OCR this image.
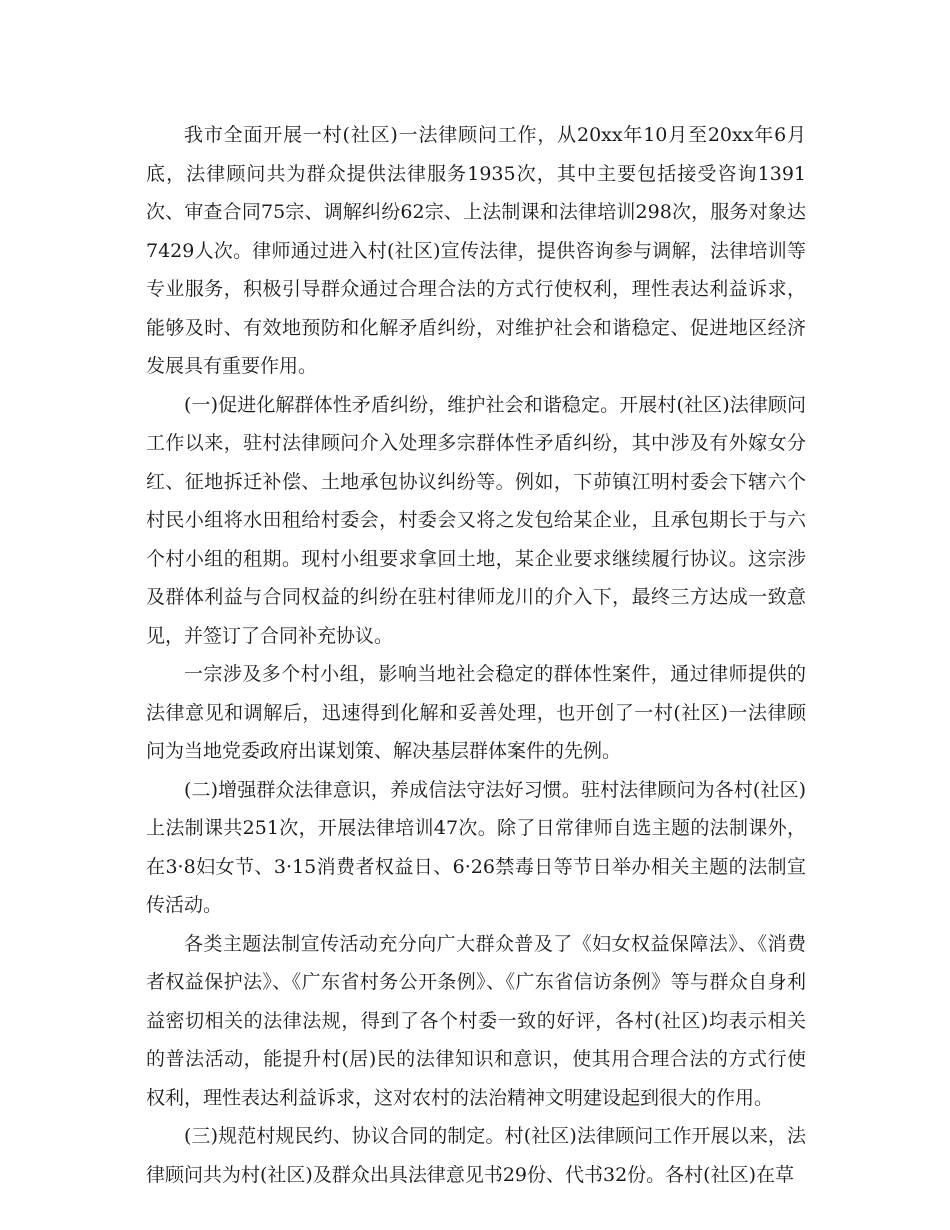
我市全面开展一村(社区)一法律顾问工作，从20xx年10月至20xx年6月底，法律顾问共为群众提供法律服务1935次，其中主要包括接受咨询1391次、审查合同75宗、调解纠纷62宗、上法制课和法律培训298次，服务对象达7429人次。律师通过进入村(社区)宣传法律，提供咨询参与调解，法律培训等专业服务，积极引导群众通过合理合法的方式行使权利，理性表达利益诉求，能够及时、有效地预防和化解矛盾纠纷，对维护社会和谐稳定、促进地区经济发展具有重要作用。

(一)促进化解群体性矛盾纠纷，维护社会和谐稳定。开展村(社区)法律顾问工作以来，驻村法律顾问介入处理多宗群体性矛盾纠纷，其中涉及有外嫁女分红、征地拆迁补偿、土地承包协议纠纷等。例如，下茆镇江明村委会下辖六个村民小组将水田租给村委会，村委会又将之发包给某企业，且承包期长于与六个村小组的租期。现村小组要求拿回土地，某企业要求继续履行协议。这宗涉及群体利益与合同权益的纠纷在驻村律师龙川的介入下，最终三方达成一致意见，并签订了合同补充协议。

一宗涉及多个村小组，影响当地社会稳定的群体性案件，通过律师提供的法律意见和调解后，迅速得到化解和妥善处理，也开创了一村(社区)一法律顾问为当地党委政府出谋划策、解决基层群体案件的先例。

(二)增强群众法律意识，养成信法守法好习惯。驻村法律顾问为各村(社区)上法制课共251次，开展法律培训47次。除了日常律师自选主题的法制课外，在3·8妇女节、3·15消费者权益日、6·26禁毒日等节日举办相关主题的法制宣传活动。

各类主题法制宣传活动充分向广大群众普及了《妇女权益保障法》、《消费者权益保护法》、《广东省村务公开条例》、《广东省信访条例》等与群众自身利益密切相关的法律法规，得到了各个村委一致的好评，各村(社区)均表示相关的普法活动，能提升村(居)民的法律知识和意识，使其用合理合法的方式行使权利，理性表达利益诉求，这对农村的法治精神文明建设起到很大的作用。

(三)规范村规民约、协议合同的制定。村(社区)法律顾问工作开展以来，法律顾问共为村(社区)及群众出具法律意见书29份、代书32份。各村(社区)在草
